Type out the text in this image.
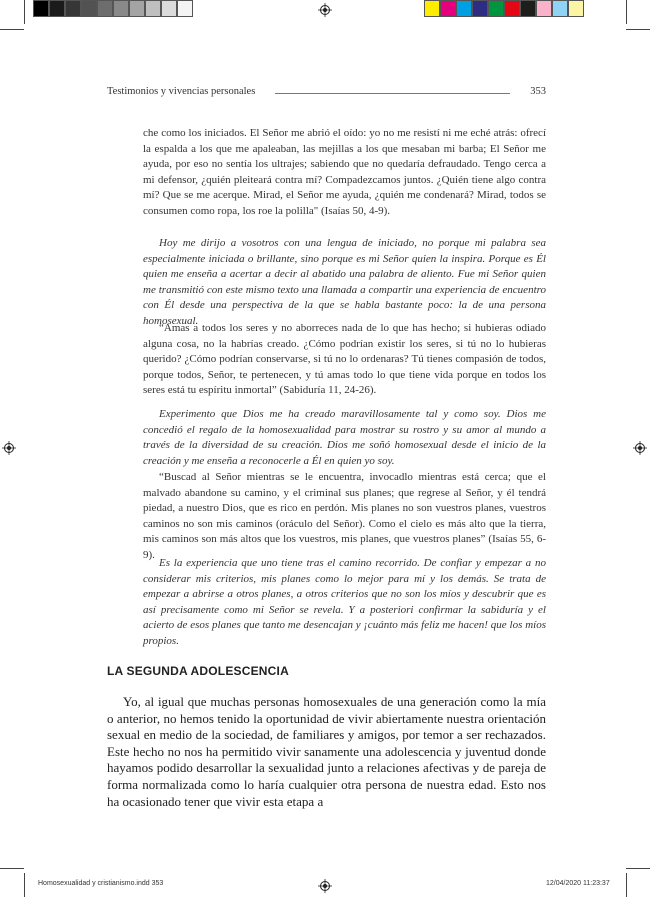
Testimonios y vivencias personales	353

che como los iniciados. El Señor me abrió el oído: yo no me resistí ni me eché atrás: ofrecí la espalda a los que me apaleaban, las mejillas a los que mesaban mi barba; El Señor me ayuda, por eso no sentía los ultrajes; sabiendo que no quedaría defraudado. Tengo cerca a mi defensor, ¿quién pleiteará contra mí? Compadezcamos juntos. ¿Quién tiene algo contra mí? Que se me acerque. Mirad, el Señor me ayuda, ¿quién me condenará? Mirad, todos se consumen como ropa, los roe la polilla" (Isaías 50, 4-9).

Hoy me dirijo a vosotros con una lengua de iniciado, no porque mi palabra sea especialmente iniciada o brillante, sino porque es mi Señor quien la inspira. Porque es Él quien me enseña a acertar a decir al abatido una palabra de aliento. Fue mi Señor quien me transmitió con este mismo texto una llamada a compartir una experiencia de encuentro con Él desde una perspectiva de la que se habla bastante poco: la de una persona homosexual.

“Amas a todos los seres y no aborreces nada de lo que has hecho; si hubieras odiado alguna cosa, no la habrías creado. ¿Cómo podrían existir los seres, si tú no lo hubieras querido? ¿Cómo podrían conservarse, si tú no lo ordenaras? Tú tienes compasión de todos, porque todos, Señor, te pertenecen, y tú amas todo lo que tiene vida porque en todos los seres está tu espíritu inmortal” (Sabiduría 11, 24-26).

Experimento que Dios me ha creado maravillosamente tal y como soy. Dios me concedió el regalo de la homosexualidad para mostrar su rostro y su amor al mundo a través de la diversidad de su creación. Dios me soñó homosexual desde el inicio de la creación y me enseña a reconocerle a Él en quien yo soy.

“Buscad al Señor mientras se le encuentra, invocadlo mientras está cerca; que el malvado abandone su camino, y el criminal sus planes; que regrese al Señor, y él tendrá piedad, a nuestro Dios, que es rico en perdón. Mis planes no son vuestros planes, vuestros caminos no son mis caminos (oráculo del Señor). Como el cielo es más alto que la tierra, mis caminos son más altos que los vuestros, mis planes, que vuestros planes” (Isaías 55, 6-9).

Es la experiencia que uno tiene tras el camino recorrido. De confiar y empezar a no considerar mis criterios, mis planes como lo mejor para mí y los demás. Se trata de empezar a abrirse a otros planes, a otros criterios que no son los míos y descubrir que es así precisamente como mi Señor se revela. Y a posteriori confirmar la sabiduría y el acierto de esos planes que tanto me desencajan y ¡cuánto más feliz me hacen! que los míos propios.

LA SEGUNDA ADOLESCENCIA

Yo, al igual que muchas personas homosexuales de una generación como la mía o anterior, no hemos tenido la oportunidad de vivir abiertamente nuestra orientación sexual en medio de la sociedad, de familiares y amigos, por temor a ser rechazados. Este hecho no nos ha permitido vivir sanamente una adolescencia y juventud donde hayamos podido desarrollar la sexualidad junto a relaciones afectivas y de pareja de forma normalizada como lo haría cualquier otra persona de nuestra edad. Esto nos ha ocasionado tener que vivir esta etapa a

Homosexualidad y cristianismo.indd 353	12/04/2020 11:23:37
